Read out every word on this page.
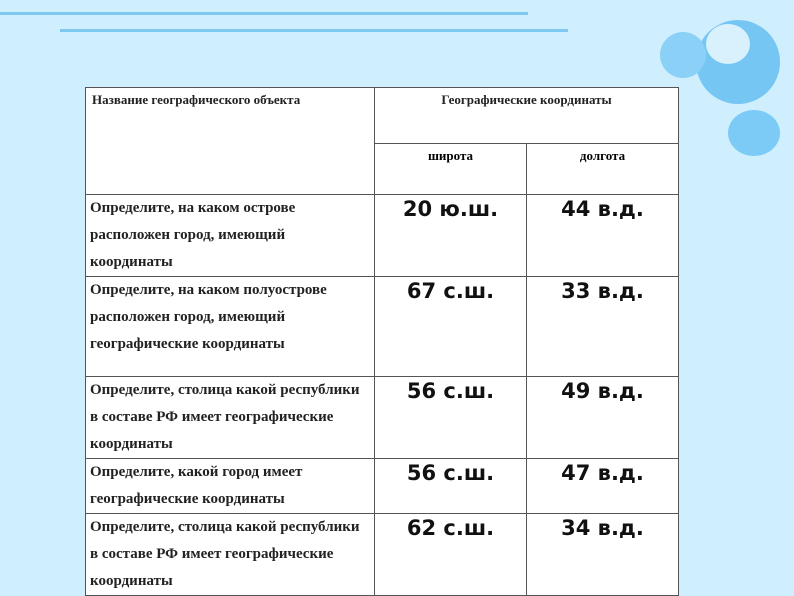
Название географического объекта	Географические координаты	
	широта	долгота
Определите, на каком острове расположен город, имеющий координаты	20 ю.ш.	44 в.д.
Определите, на каком полуострове расположен город, имеющий географические координаты	67 с.ш.	33 в.д.
Определите, столица какой республики в составе РФ имеет географические координаты	56 с.ш.	49 в.д.
Определите, какой город имеет географические координаты	56 с.ш.	47 в.д.
Определите, столица какой республики в составе РФ имеет географические координаты	62 с.ш.	34 в.д.
